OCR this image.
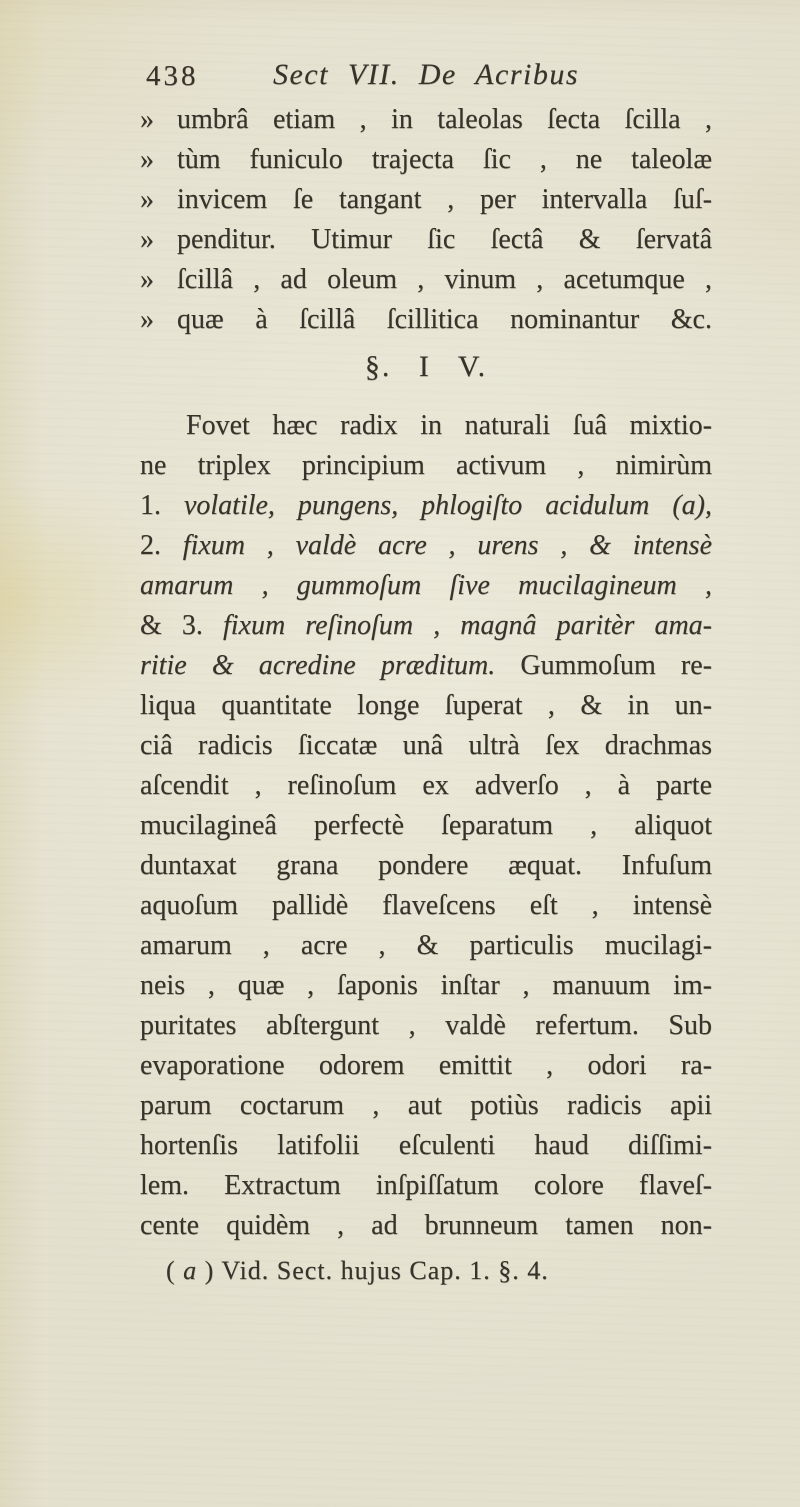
438	Sect VII. De Acribus
» umbrâ etiam , in taleolas ſecta ſcilla ,
» tùm funiculo trajecta ſic , ne taleolæ
» invicem ſe tangant , per intervalla ſuſ-
» penditur. Utimur ſic ſectâ & ſervatâ
» ſcillâ , ad oleum , vinum , acetumque ,
» quæ à ſcillâ ſcillitica nominantur &c.
§. I V.
Fovet hæc radix in naturali ſuâ mixtio-
ne triplex principium activum , nimirùm
1. volatile, pungens, phlogiſto acidulum (a),
2. fixum , valdè acre , urens , & intensè
amarum , gummoſum ſive mucilagineum ,
& 3. fixum reſinoſum , magnâ paritèr ama-
ritie & acredine præditum. Gummoſum re-
liqua quantitate longe ſuperat , & in un-
ciâ radicis ſiccatæ unâ ultrà ſex drachmas
aſcendit , reſinoſum ex adverſo , à parte
mucilagineâ perfectè ſeparatum , aliquot
duntaxat grana pondere æquat. Infuſum
aquoſum pallidè flaveſcens eſt , intensè
amarum , acre , & particulis mucilagi-
neis , quæ , ſaponis inſtar , manuum im-
puritates abſtergunt , valdè refertum. Sub
evaporatione odorem emittit , odori ra-
parum coctarum , aut potiùs radicis apii
hortenſis latifolii eſculenti haud diſſimi-
lem. Extractum inſpiſſatum colore flaveſ-
cente quidèm , ad brunneum tamen non-
( a ) Vid. Sect. hujus Cap. 1. §. 4.
